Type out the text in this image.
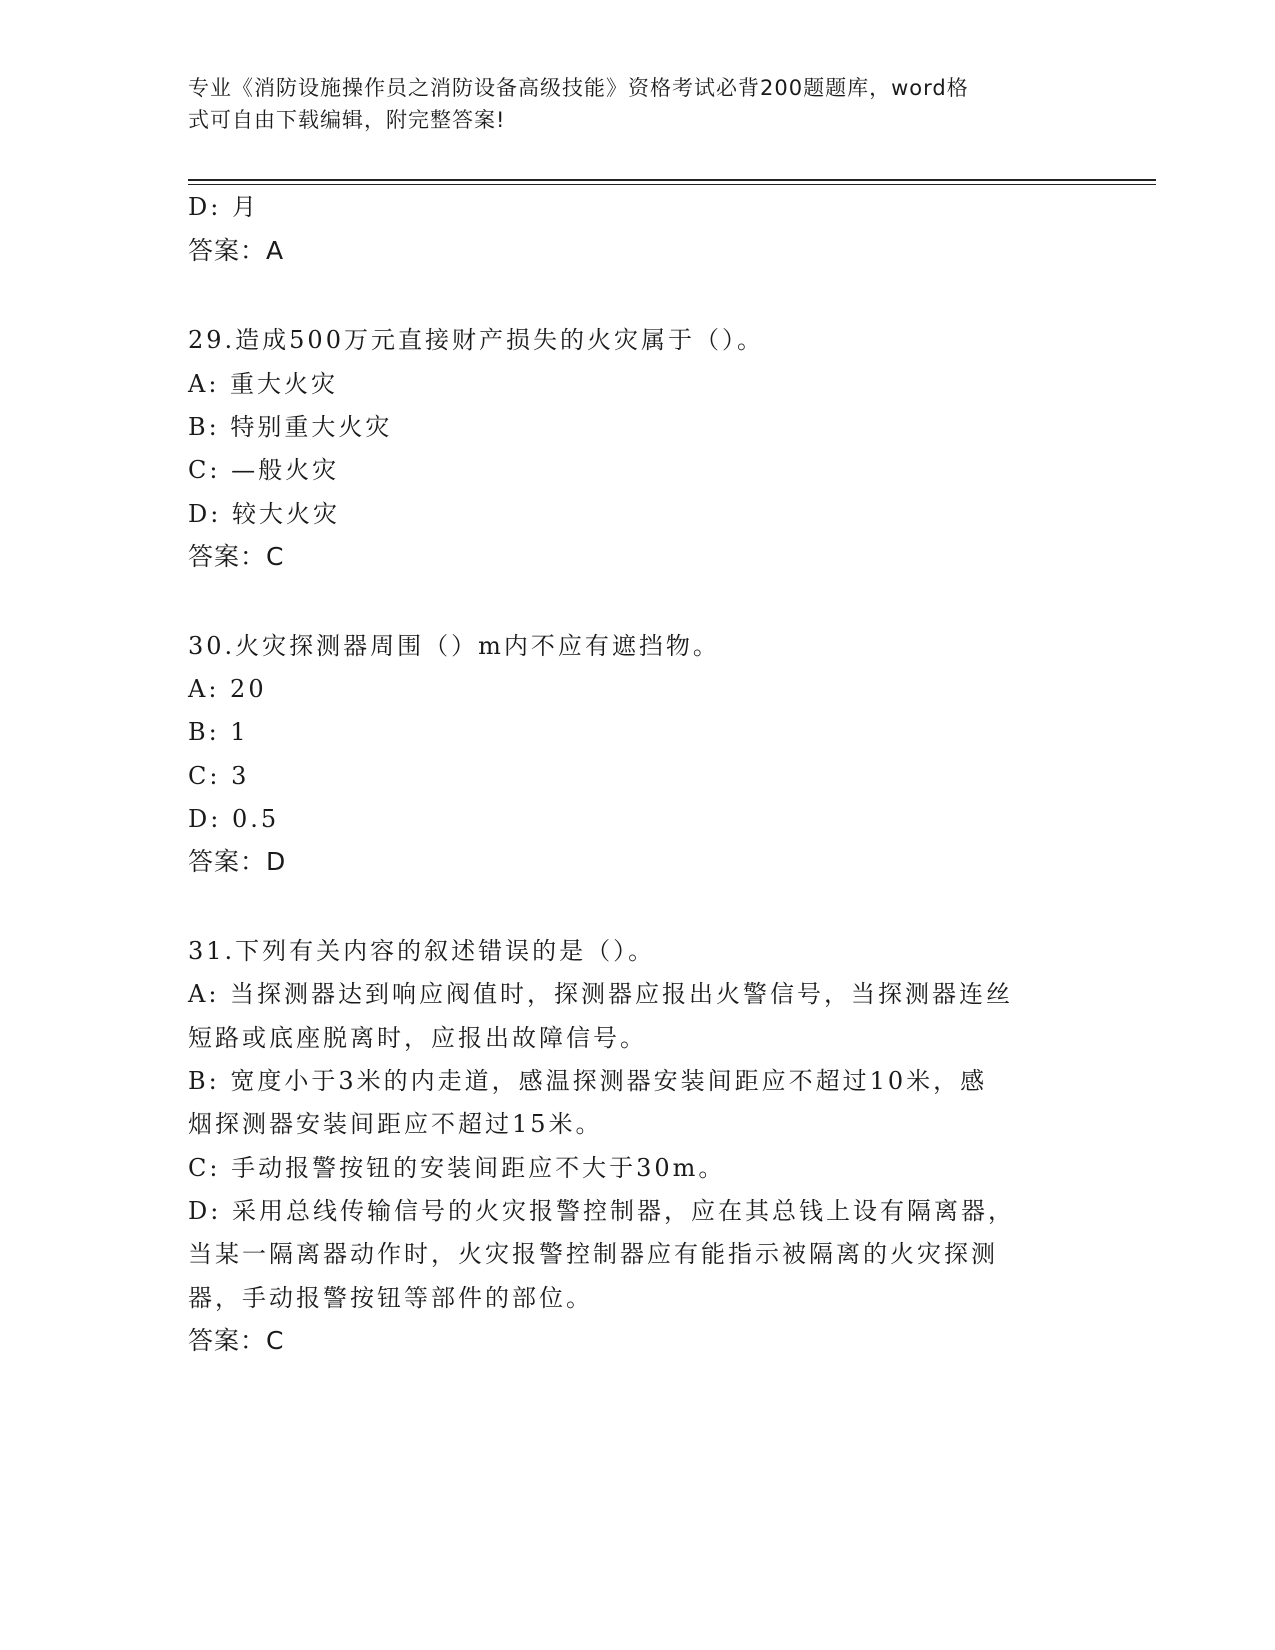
专业《消防设施操作员之消防设备高级技能》资格考试必背200题题库，word格
式可自由下载编辑，附完整答案!
D: 月
答案：A
29.造成500万元直接财产损失的火灾属于（）。
A: 重大火灾
B: 特别重大火灾
C: —般火灾
D: 较大火灾
答案：C
30.火灾探测器周围（）m内不应有遮挡物。
A: 20
B: 1
C: 3
D: 0.5
答案：D
31.下列有关内容的叙述错误的是（）。
A: 当探测器达到响应阀值时，探测器应报出火警信号，当探测器连丝
短路或底座脱离时，应报出故障信号。
B: 宽度小于3米的内走道，感温探测器安装间距应不超过10米，感
烟探测器安装间距应不超过15米。
C: 手动报警按钮的安装间距应不大于30m。
D: 采用总线传输信号的火灾报警控制器，应在其总钱上设有隔离器，
当某一隔离器动作时，火灾报警控制器应有能指示被隔离的火灾探测
器，手动报警按钮等部件的部位。
答案：C
